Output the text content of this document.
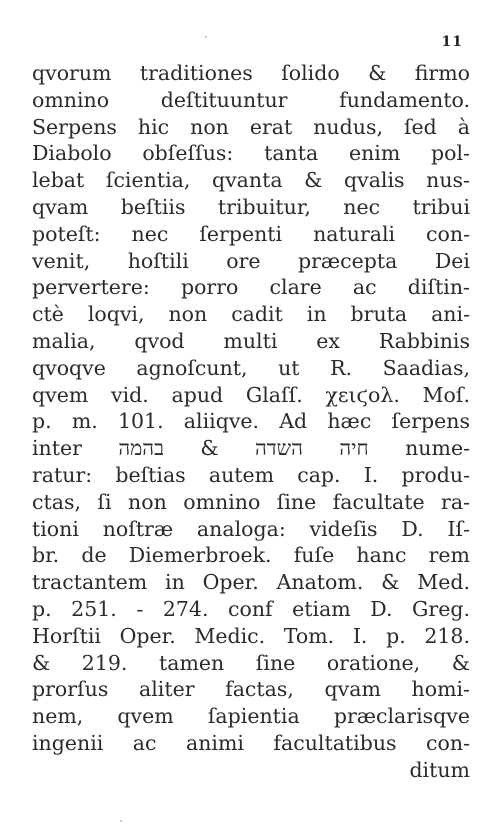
11
qvorum traditiones ſolido & firmo
omnino deſtituuntur fundamento.
Serpens hic non erat nudus, ſed à
Diabolo obſeſſus: tanta enim pol-
lebat ſcientia, qvanta & qvalis nus-
qvam beſtiis tribuitur, nec tribui
poteſt: nec ſerpenti naturali con-
venit, hoſtili ore præcepta Dei
pervertere: porro clare ac diſtin-
ctè loqvi, non cadit in bruta ani-
malia, qvod multi ex Rabbinis
qvoqve agnoſcunt, ut R. Saadias,
qvem vid. apud Glaſſ. χειϛολ. Moſ.
p. m. 101. aliiqve. Ad hæc ſerpens
inter חיה השדה & בהמה nume-
ratur: beſtias autem cap. I. produ-
ctas, ſi non omnino ſine facultate ra-
tioni noſtræ analoga: videſis D. Iſ-
br. de Diemerbroek. fuſe hanc rem
tractantem in Oper. Anatom. & Med.
p. 251. - 274. conf etiam D. Greg.
Horſtii Oper. Medic. Tom. I. p. 218.
& 219. tamen ſine oratione, &
prorſus aliter factas, qvam homi-
nem, qvem ſapientia præclarisqve
ingenii ac animi facultatibus con-
ditum
